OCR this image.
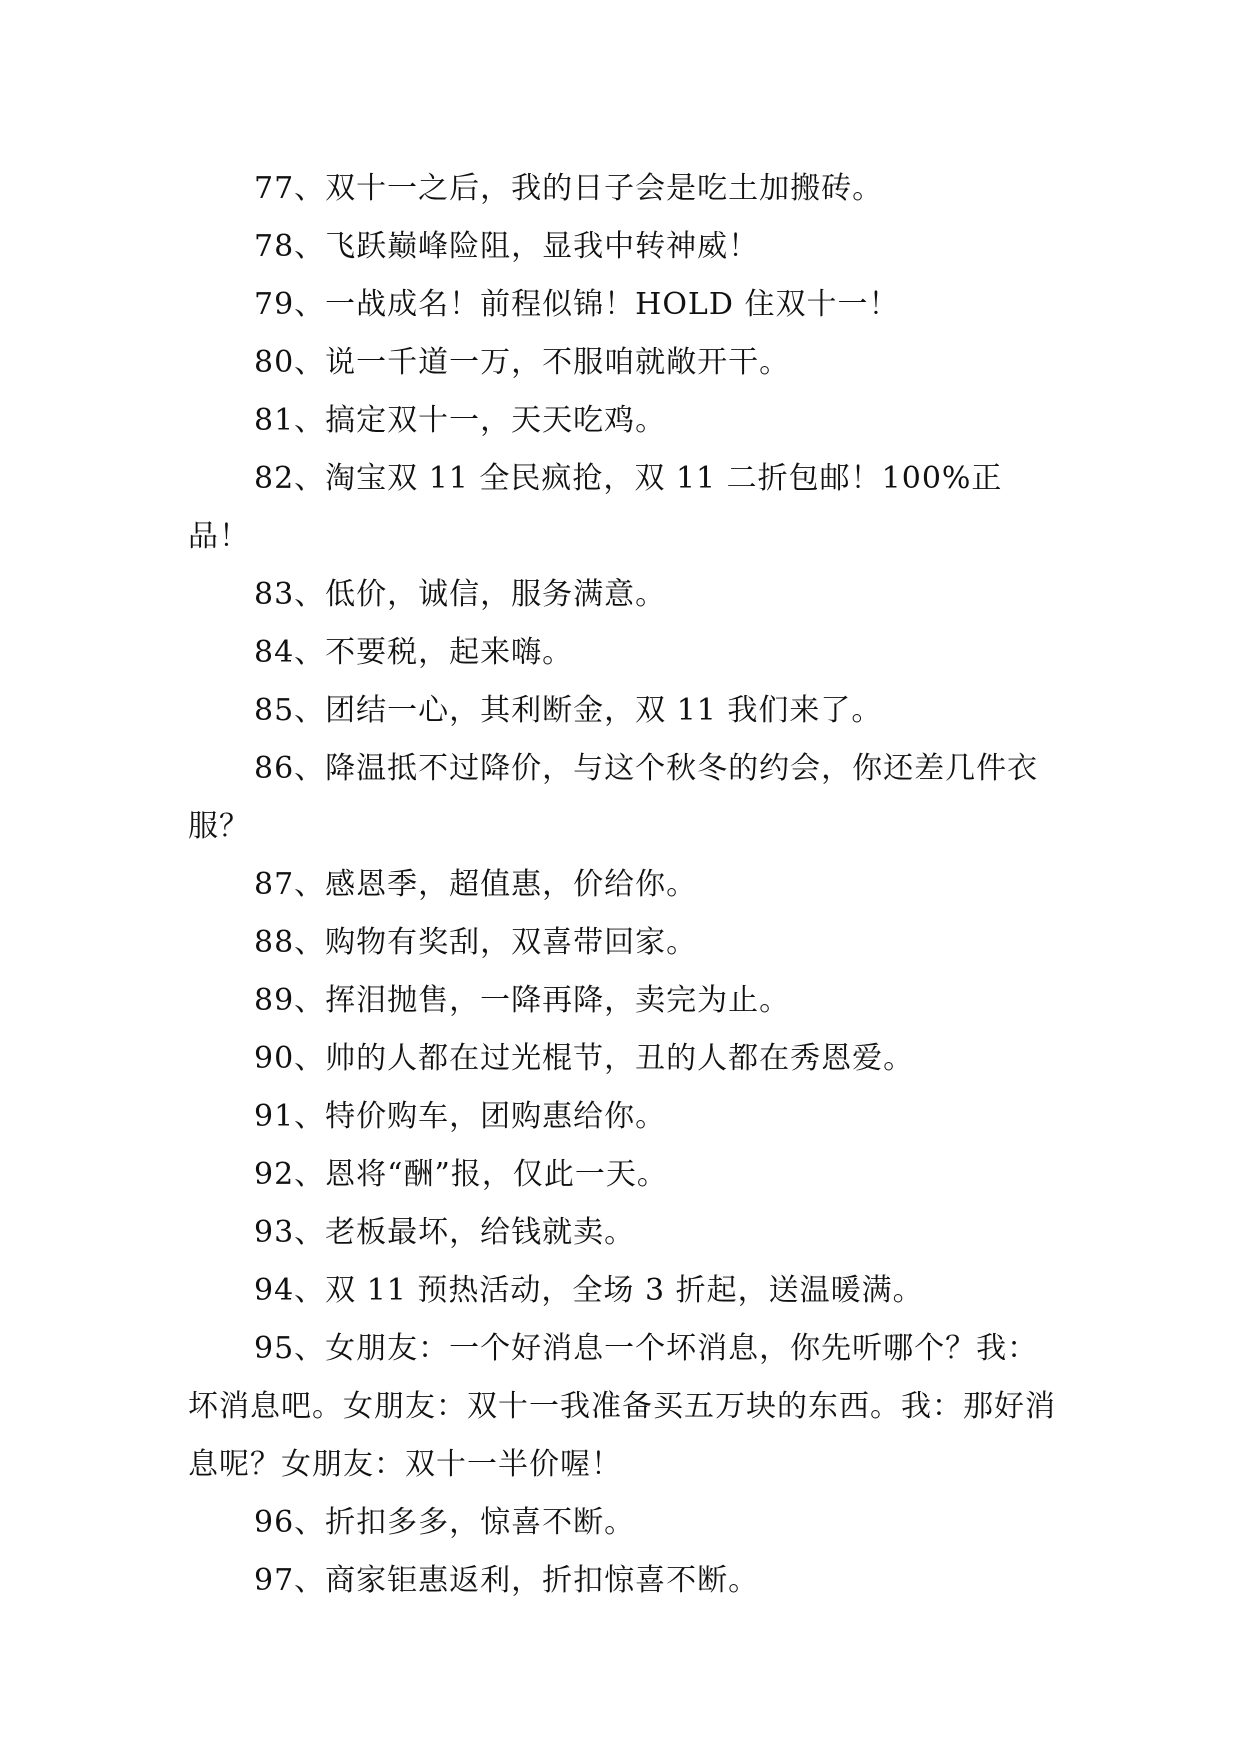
77、双十一之后，我的日子会是吃土加搬砖。

78、飞跃巅峰险阻，显我中转神威！

79、一战成名！前程似锦！HOLD 住双十一！

80、说一千道一万，不服咱就敞开干。

81、搞定双十一，天天吃鸡。

82、淘宝双 11 全民疯抢，双 11 二折包邮！100%正品！

83、低价，诚信，服务满意。

84、不要税，起来嗨。

85、团结一心，其利断金，双 11 我们来了。

86、降温抵不过降价，与这个秋冬的约会，你还差几件衣服？

87、感恩季，超值惠，价给你。

88、购物有奖刮，双喜带回家。

89、挥泪抛售，一降再降，卖完为止。

90、帅的人都在过光棍节，丑的人都在秀恩爱。

91、特价购车，团购惠给你。

92、恩将“酬”报，仅此一天。

93、老板最坏，给钱就卖。

94、双 11 预热活动，全场 3 折起，送温暖满。

95、女朋友：一个好消息一个坏消息，你先听哪个？我：坏消息吧。女朋友：双十一我准备买五万块的东西。我：那好消息呢？女朋友：双十一半价喔！

96、折扣多多，惊喜不断。

97、商家钜惠返利，折扣惊喜不断。
